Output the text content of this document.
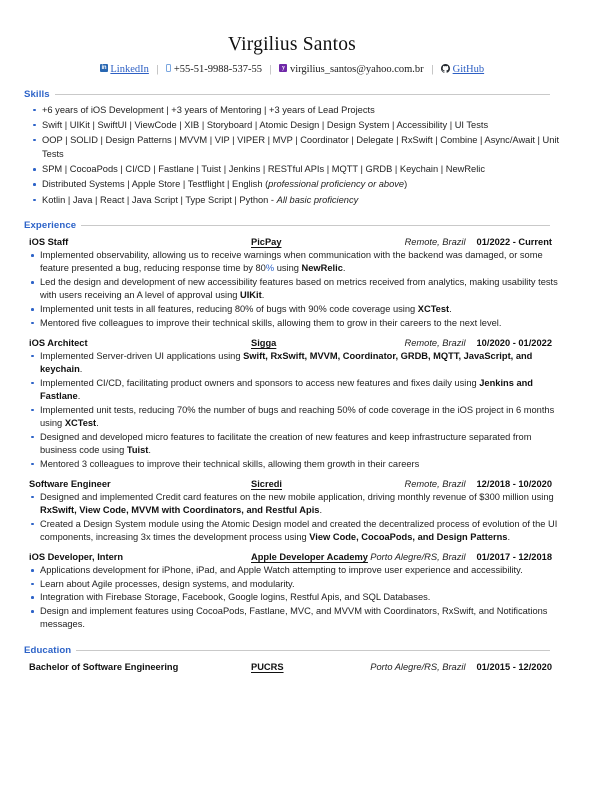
Virgilius Santos
in LinkedIn | +55-51-9988-537-55 | y virgilius_santos@yahoo.com.br | GitHub
Skills
+6 years of iOS Development | +3 years of Mentoring | +3 years of Lead Projects
Swift | UIKit | SwiftUI | ViewCode | XIB | Storyboard | Atomic Design | Design System | Accessibility | UI Tests
OOP | SOLID | Design Patterns | MVVM | VIP | VIPER | MVP | Coordinator | Delegate | RxSwift | Combine | Async/Await | Unit Tests
SPM | CocoaPods | CI/CD | Fastlane | Tuist | Jenkins | RESTful APIs | MQTT | GRDB | Keychain | NewRelic
Distributed Systems | Apple Store | Testflight | English (professional proficiency or above)
Kotlin | Java | React | Java Script | Type Script | Python - All basic proficiency
Experience
iOS Staff	PicPay	Remote, Brazil	01/2022 - Current
Implemented observability, allowing us to receive warnings when communication with the backend was damaged, or some feature presented a bug, reducing response time by 80% using NewRelic.
Led the design and development of new accessibility features based on metrics received from analytics, making usability tests with users receiving an A level of approval using UIKit.
Implemented unit tests in all features, reducing 80% of bugs with 90% code coverage using XCTest.
Mentored five colleagues to improve their technical skills, allowing them to grow in their careers to the next level.
iOS Architect	Sigga	Remote, Brazil	10/2020 - 01/2022
Implemented Server-driven UI applications using Swift, RxSwift, MVVM, Coordinator, GRDB, MQTT, JavaScript, and keychain.
Implemented CI/CD, facilitating product owners and sponsors to access new features and fixes daily using Jenkins and Fastlane.
Implemented unit tests, reducing 70% the number of bugs and reaching 50% of code coverage in the iOS project in 6 months using XCTest.
Designed and developed micro features to facilitate the creation of new features and keep infrastructure separated from business code using Tuist.
Mentored 3 colleagues to improve their technical skills, allowing them growth in their careers
Software Engineer	Sicredi	Remote, Brazil	12/2018 - 10/2020
Designed and implemented Credit card features on the new mobile application, driving monthly revenue of $300 million using RxSwift, View Code, MVVM with Coordinators, and Restful Apis.
Created a Design System module using the Atomic Design model and created the decentralized process of evolution of the UI components, increasing 3x times the development process using View Code, CocoaPods, and Design Patterns.
iOS Developer, Intern	Apple Developer Academy Porto Alegre/RS, Brazil	01/2017 - 12/2018
Applications development for iPhone, iPad, and Apple Watch attempting to improve user experience and accessibility.
Learn about Agile processes, design systems, and modularity.
Integration with Firebase Storage, Facebook, Google logins, Restful Apis, and SQL Databases.
Design and implement features using CocoaPods, Fastlane, MVC, and MVVM with Coordinators, RxSwift, and Notifications messages.
Education
Bachelor of Software Engineering	PUCRS	Porto Alegre/RS, Brazil	01/2015 - 12/2020
